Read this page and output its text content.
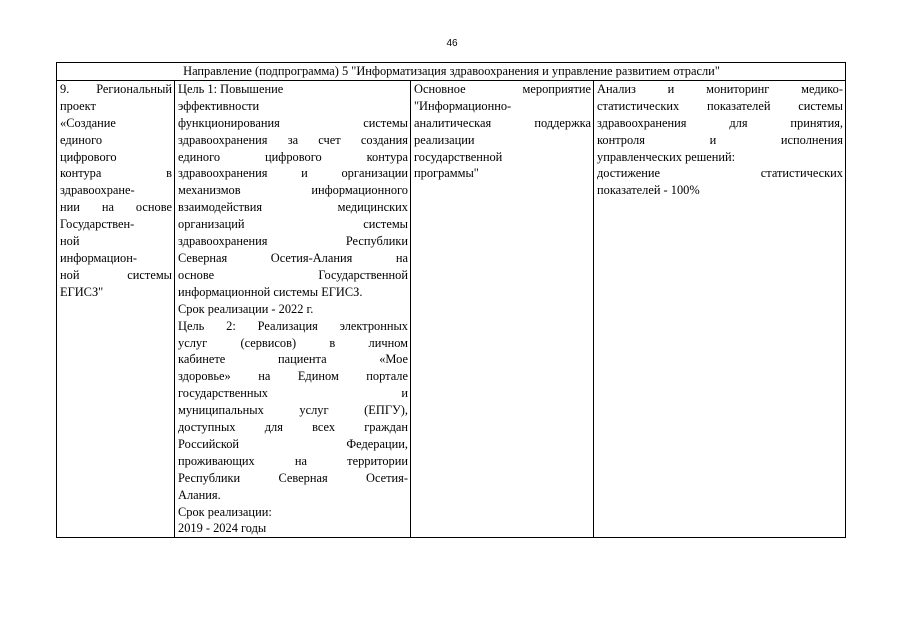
46
Направление (подпрограмма) 5 "Информатизация здравоохранения и управление развитием отрасли"

9. Региональный
проект
«Создание
единого
цифрового
контура в
здравоохране-
нии на основе
Государствен-
ной
информацион-
ной системы
ЕГИСЗ"

Цель 1: Повышение
эффективности
функционирования системы
здравоохранения за счет создания
единого цифрового контура
здравоохранения и организации
механизмов информационного
взаимодействия медицинских
организаций системы
здравоохранения Республики
Северная Осетия-Алания на
основе Государственной
информационной системы ЕГИСЗ.
Срок реализации - 2022 г.
Цель 2: Реализация электронных
услуг (сервисов) в личном
кабинете пациента «Мое
здоровье» на Едином портале
государственных и
муниципальных услуг (ЕПГУ),
доступных для всех граждан
Российской Федерации,
проживающих на территории
Республики Северная Осетия-
Алания.
Срок реализации:
2019 - 2024 годы

Основное мероприятие
"Информационно-
аналитическая поддержка
реализации
государственной
программы"

Анализ и мониторинг медико-
статистических показателей системы
здравоохранения для принятия,
контроля и исполнения
управленческих решений:
достижение статистических
показателей - 100%
